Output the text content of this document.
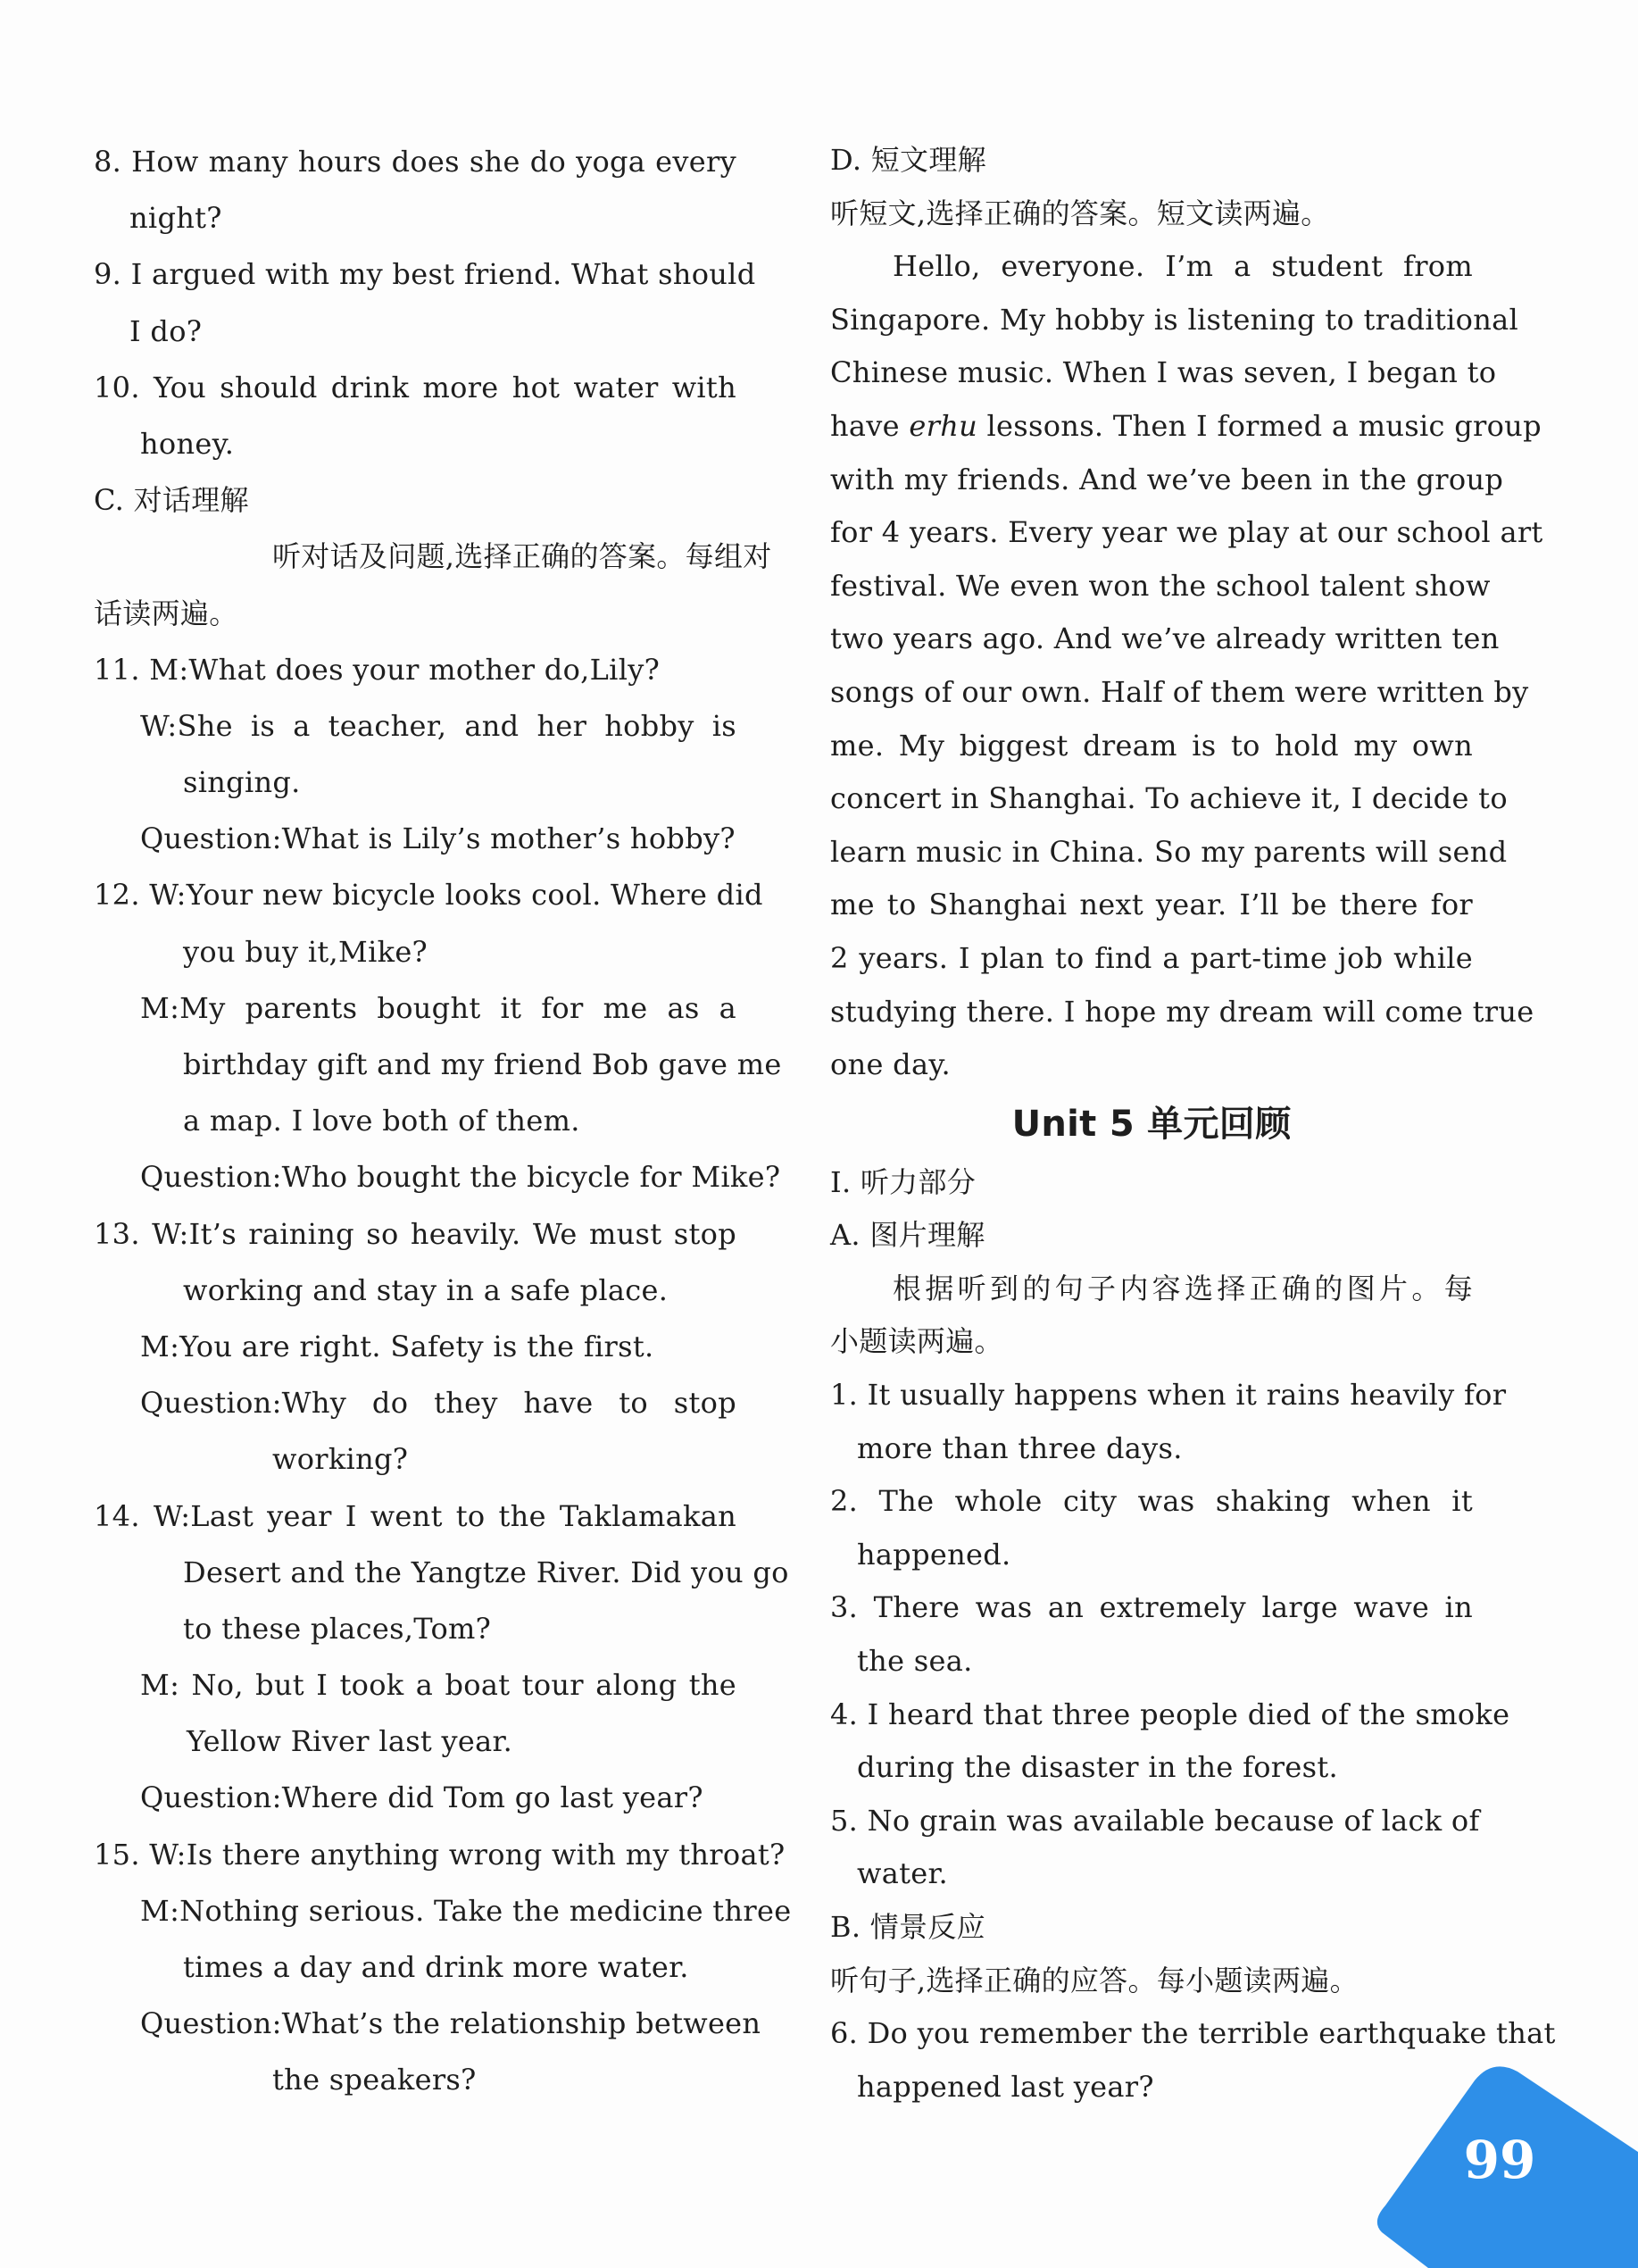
8. How many hours does she do yoga every
night?
9. I argued with my best friend. What should
I do?
10. You should drink more hot water with
honey.
C. 对话理解
听对话及问题,选择正确的答案。每组对
话读两遍。
11. M:What does your mother do,Lily?
W:She is a teacher, and her hobby is
singing.
Question:What is Lily’s mother’s hobby?
12. W:Your new bicycle looks cool. Where did
you buy it,Mike?
M:My parents bought it for me as a
birthday gift and my friend Bob gave me
a map. I love both of them.
Question:Who bought the bicycle for Mike?
13. W:It’s raining so heavily. We must stop
working and stay in a safe place.
M:You are right. Safety is the first.
Question:Why do they have to stop
working?
14. W:Last year I went to the Taklamakan
Desert and the Yangtze River. Did you go
to these places,Tom?
M: No, but I took a boat tour along the
Yellow River last year.
Question:Where did Tom go last year?
15. W:Is there anything wrong with my throat?
M:Nothing serious. Take the medicine three
times a day and drink more water.
Question:What’s the relationship between
the speakers?
D. 短文理解
听短文,选择正确的答案。短文读两遍。
Hello, everyone. I’m a student from
Singapore. My hobby is listening to traditional
Chinese music. When I was seven, I began to
have erhu lessons. Then I formed a music group
with my friends. And we’ve been in the group
for 4 years. Every year we play at our school art
festival. We even won the school talent show
two years ago. And we’ve already written ten
songs of our own. Half of them were written by
me. My biggest dream is to hold my own
concert in Shanghai. To achieve it, I decide to
learn music in China. So my parents will send
me to Shanghai next year. I’ll be there for
2 years. I plan to find a part-time job while
studying there. I hope my dream will come true
one day.
Unit 5 单元回顾
Ⅰ. 听力部分
A. 图片理解
根据听到的句子内容选择正确的图片。每
小题读两遍。
1. It usually happens when it rains heavily for
more than three days.
2. The whole city was shaking when it
happened.
3. There was an extremely large wave in
the sea.
4. I heard that three people died of the smoke
during the disaster in the forest.
5. No grain was available because of lack of
water.
B. 情景反应
听句子,选择正确的应答。每小题读两遍。
6. Do you remember the terrible earthquake that
happened last year?
99
